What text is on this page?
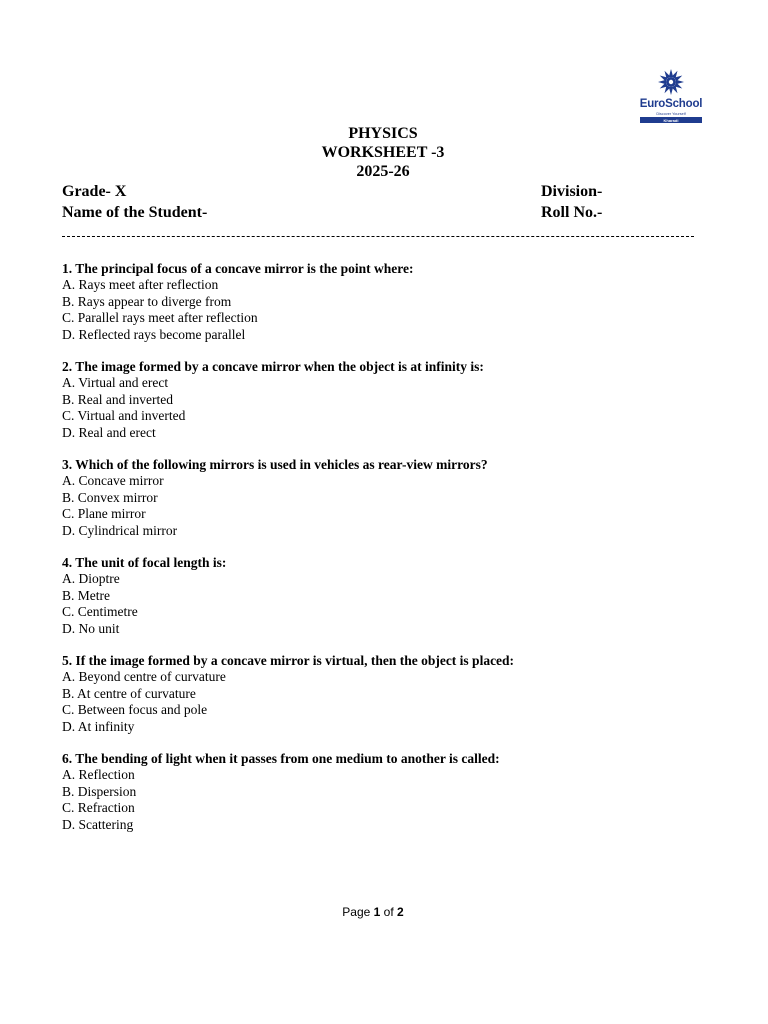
EuroSchool
Discover Yourself
Kharadi
PHYSICS
WORKSHEET -3
2025-26
Grade- X	Division-
Name of the Student-	Roll No.-
1. The principal focus of a concave mirror is the point where:
A. Rays meet after reflection
B. Rays appear to diverge from
C. Parallel rays meet after reflection
D. Reflected rays become parallel
2. The image formed by a concave mirror when the object is at infinity is:
A. Virtual and erect
B. Real and inverted
C. Virtual and inverted
D. Real and erect
3. Which of the following mirrors is used in vehicles as rear-view mirrors?
A. Concave mirror
B. Convex mirror
C. Plane mirror
D. Cylindrical mirror
4. The unit of focal length is:
A. Dioptre
B. Metre
C. Centimetre
D. No unit
5. If the image formed by a concave mirror is virtual, then the object is placed:
A. Beyond centre of curvature
B. At centre of curvature
C. Between focus and pole
D. At infinity
6. The bending of light when it passes from one medium to another is called:
A. Reflection
B. Dispersion
C. Refraction
D. Scattering
Page 1 of 2
